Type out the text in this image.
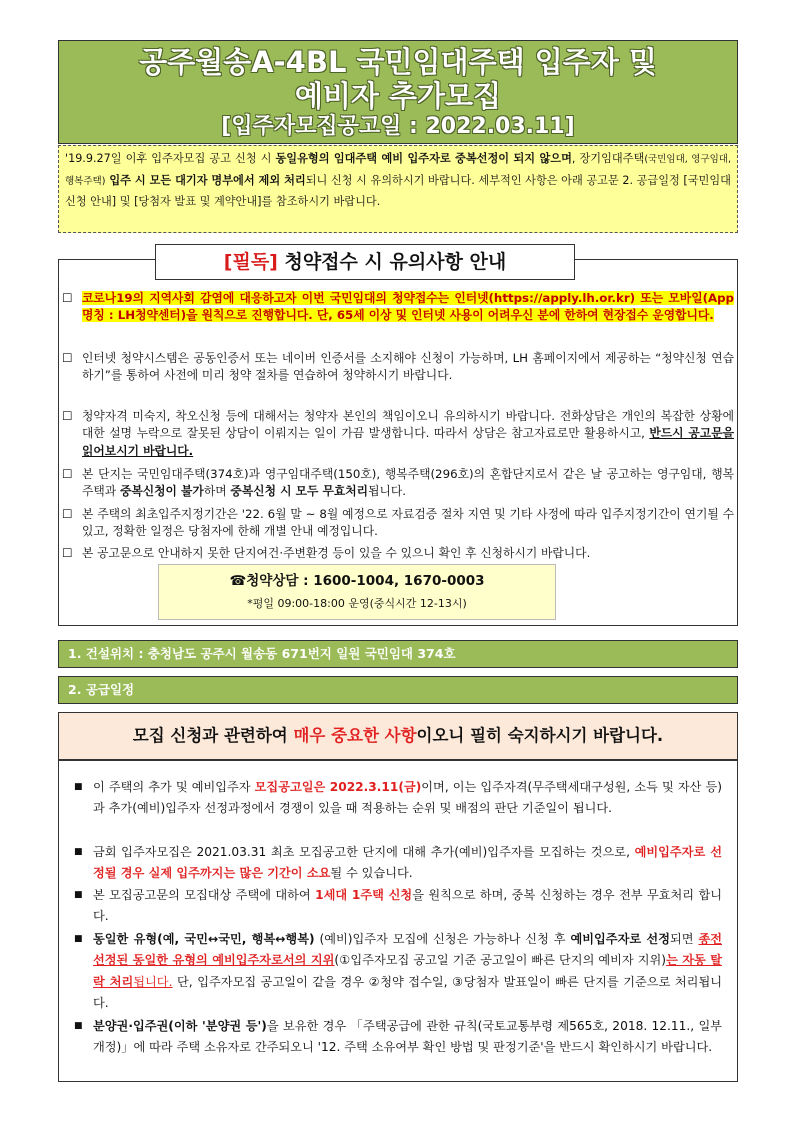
공주월송A-4BL 국민임대주택 입주자 및
예비자 추가모집
[입주자모집공고일 : 2022.03.11]
'19.9.27일 이후 입주자모집 공고 신청 시 동일유형의 임대주택 예비 입주자로 중복선정이 되지 않으며, 장기임대주택(국민임대, 영구임대, 행복주택) 입주 시 모든 대기자 명부에서 제외 처리되니 신청 시 유의하시기 바랍니다. 세부적인 사항은 아래 공고문 2. 공급일정 [국민임대 신청 안내] 및 [당첨자 발표 및 계약안내]를 참조하시기 바랍니다.
[필독] 청약접수 시 유의사항 안내
☐ 코로나19의 지역사회 감염에 대응하고자 이번 국민임대의 청약접수는 인터넷(https://apply.lh.or.kr) 또는 모바일(App명칭 : LH청약센터)을 원칙으로 진행합니다. 단, 65세 이상 및 인터넷 사용이 어려우신 분에 한하여 현장접수 운영합니다.
☐ 인터넷 청약시스템은 공동인증서 또는 네이버 인증서를 소지해야 신청이 가능하며, LH 홈페이지에서 제공하는 “청약신청 연습하기”를 통하여 사전에 미리 청약 절차를 연습하여 청약하시기 바랍니다.
☐ 청약자격 미숙지, 착오신청 등에 대해서는 청약자 본인의 책임이오니 유의하시기 바랍니다. 전화상담은 개인의 복잡한 상황에 대한 설명 누락으로 잘못된 상담이 이뤄지는 일이 가끔 발생합니다. 따라서 상담은 참고자료로만 활용하시고, 반드시 공고문을 읽어보시기 바랍니다.
☐ 본 단지는 국민임대주택(374호)과 영구임대주택(150호), 행복주택(296호)의 혼합단지로서 같은 날 공고하는 영구임대, 행복주택과 중복신청이 불가하며 중복신청 시 모두 무효처리됩니다.
☐ 본 주택의 최초입주지정기간은 '22. 6월 말 ~ 8월 예정으로 자료검증 절차 지연 및 기타 사정에 따라 입주지정기간이 연기될 수 있고, 정확한 일정은 당첨자에 한해 개별 안내 예정입니다.
☐ 본 공고문으로 안내하지 못한 단지여건·주변환경 등이 있을 수 있으니 확인 후 신청하시기 바랍니다.
☎청약상담 : 1600-1004, 1670-0003
*평일 09:00-18:00 운영(중식시간 12-13시)
1. 건설위치 : 충청남도 공주시 월송동 671번지 일원 국민임대 374호
2. 공급일정
모집 신청과 관련하여 매우 중요한 사항이오니 필히 숙지하시기 바랍니다.
■ 이 주택의 추가 및 예비입주자 모집공고일은 2022.3.11(금)이며, 이는 입주자격(무주택세대구성원, 소득 및 자산 등)과 추가(예비)입주자 선정과정에서 경쟁이 있을 때 적용하는 순위 및 배점의 판단 기준일이 됩니다.
■ 금회 입주자모집은 2021.03.31 최초 모집공고한 단지에 대해 추가(예비)입주자를 모집하는 것으로, 예비입주자로 선정될 경우 실제 입주까지는 많은 기간이 소요될 수 있습니다.
■ 본 모집공고문의 모집대상 주택에 대하여 1세대 1주택 신청을 원칙으로 하며, 중복 신청하는 경우 전부 무효처리 합니다.
■ 동일한 유형(예, 국민↔국민, 행복↔행복) (예비)입주자 모집에 신청은 가능하나 신청 후 예비입주자로 선정되면 종전 선정된 동일한 유형의 예비입주자로서의 지위(①입주자모집 공고일 기준 공고일이 빠른 단지의 예비자 지위)는 자동 탈락 처리됩니다. 단, 입주자모집 공고일이 같을 경우 ②청약 접수일, ③당첨자 발표일이 빠른 단지를 기준으로 처리됩니다.
■ 분양권·입주권(이하 '분양권 등')을 보유한 경우 「주택공급에 관한 규칙(국토교통부령 제565호, 2018. 12.11., 일부개정)」에 따라 주택 소유자로 간주되오니 '12. 주택 소유여부 확인 방법 및 판정기준'을 반드시 확인하시기 바랍니다.
